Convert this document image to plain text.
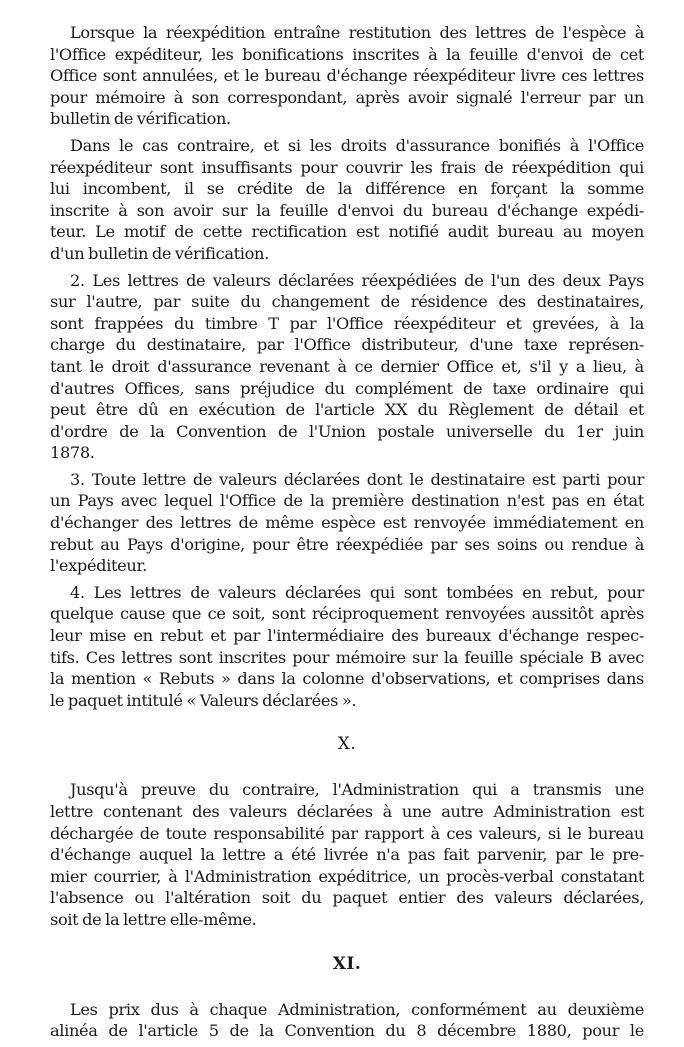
Lorsque la réexpédition entraîne restitution des lettres de l'espèce à
l'Office expéditeur, les bonifications inscrites à la feuille d'envoi de cet
Office sont annulées, et le bureau d'échange réexpéditeur livre ces lettres
pour mémoire à son correspondant, après avoir signalé l'erreur par un
bulletin de vérification.
Dans le cas contraire, et si les droits d'assurance bonifiés à l'Office
réexpéditeur sont insuffisants pour couvrir les frais de réexpédition qui
lui incombent, il se crédite de la différence en forçant la somme
inscrite à son avoir sur la feuille d'envoi du bureau d'échange expédi-
teur. Le motif de cette rectification est notifié audit bureau au moyen
d'un bulletin de vérification.
2. Les lettres de valeurs déclarées réexpédiées de l'un des deux Pays
sur l'autre, par suite du changement de résidence des destinataires,
sont frappées du timbre T par l'Office réexpéditeur et grevées, à la
charge du destinataire, par l'Office distributeur, d'une taxe représen-
tant le droit d'assurance revenant à ce dernier Office et, s'il y a lieu, à
d'autres Offices, sans préjudice du complément de taxe ordinaire qui
peut être dû en exécution de l'article XX du Règlement de détail et
d'ordre de la Convention de l'Union postale universelle du 1er juin
1878.
3. Toute lettre de valeurs déclarées dont le destinataire est parti pour
un Pays avec lequel l'Office de la première destination n'est pas en état
d'échanger des lettres de même espèce est renvoyée immédiatement en
rebut au Pays d'origine, pour être réexpédiée par ses soins ou rendue à
l'expéditeur.
4. Les lettres de valeurs déclarées qui sont tombées en rebut, pour
quelque cause que ce soit, sont réciproquement renvoyées aussitôt après
leur mise en rebut et par l'intermédiaire des bureaux d'échange respec-
tifs. Ces lettres sont inscrites pour mémoire sur la feuille spéciale B avec
la mention « Rebuts » dans la colonne d'observations, et comprises dans
le paquet intitulé « Valeurs déclarées ».
X.
Jusqu'à preuve du contraire, l'Administration qui a transmis une
lettre contenant des valeurs déclarées à une autre Administration est
déchargée de toute responsabilité par rapport à ces valeurs, si le bureau
d'échange auquel la lettre a été livrée n'a pas fait parvenir, par le pre-
mier courrier, à l'Administration expéditrice, un procès-verbal constatant
l'absence ou l'altération soit du paquet entier des valeurs déclarées,
soit de la lettre elle-même.
XI.
Les prix dus à chaque Administration, conformément au deuxième
alinéa de l'article 5 de la Convention du 8 décembre 1880, pour le
